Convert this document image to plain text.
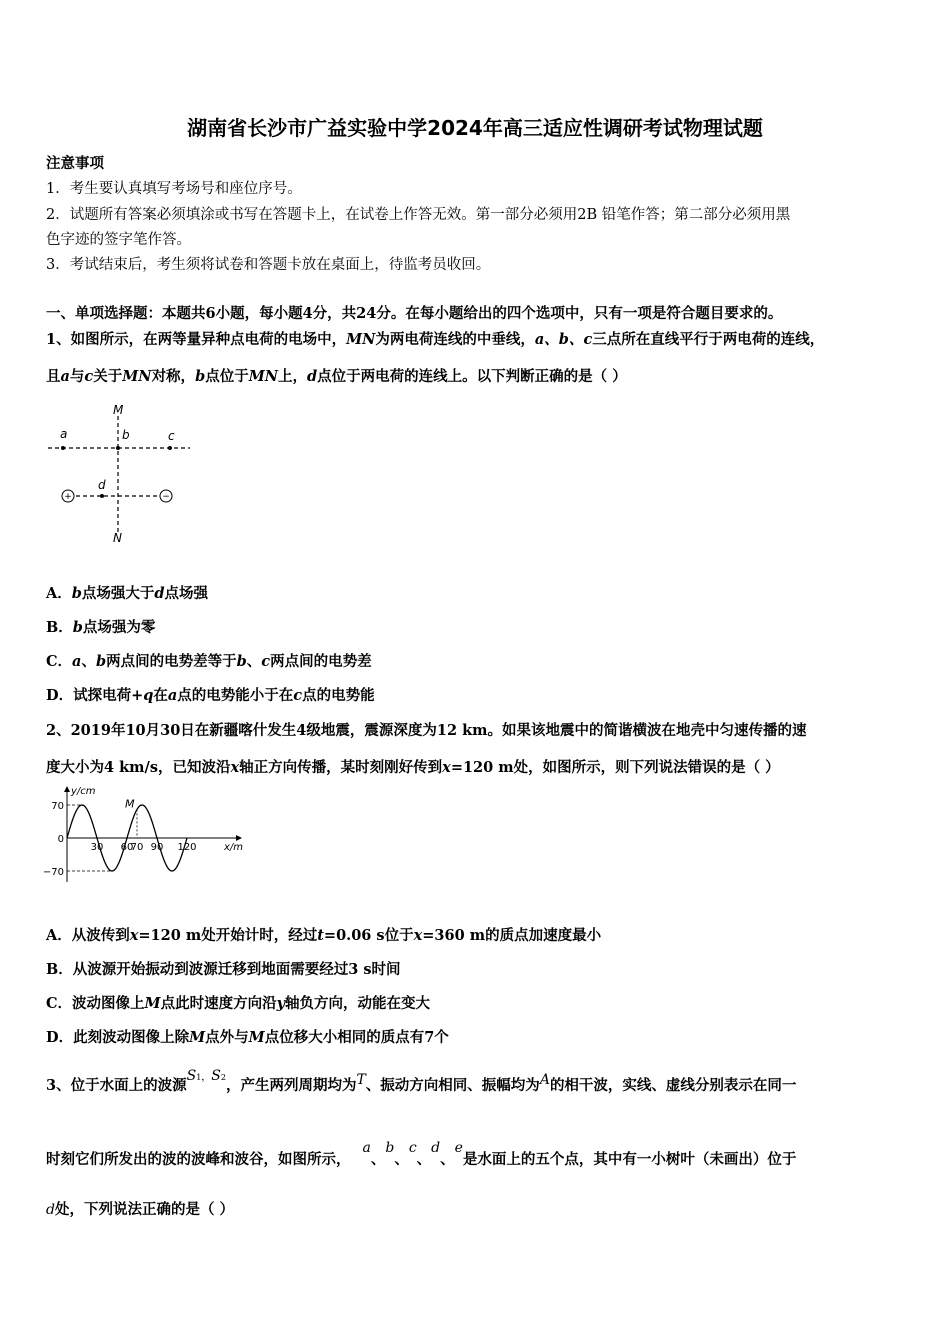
湖南省长沙市广益实验中学2024年高三适应性调研考试物理试题
注意事项
1．考生要认真填写考场号和座位序号。
2．试题所有答案必须填涂或书写在答题卡上，在试卷上作答无效。第一部分必须用2B 铅笔作答；第二部分必须用黑
色字迹的签字笔作答。
3．考试结束后，考生须将试卷和答题卡放在桌面上，待监考员收回。
一、单项选择题：本题共6小题，每小题4分，共24分。在每小题给出的四个选项中，只有一项是符合题目要求的。
1、如图所示，在两等量异种点电荷的电场中，MN为两电荷连线的中垂线，a、b、c三点所在直线平行于两电荷的连线，
且a与c关于MN对称，b点位于MN上，d点位于两电荷的连线上。以下判断正确的是（ ）
+	−
M
N
a	b	c
d
A．b点场强大于d点场强
B．b点场强为零
C．a、b两点间的电势差等于b、c两点间的电势差
D．试探电荷+q在a点的电势能小于在c点的电势能
2、2019年10月30日在新疆喀什发生4级地震，震源深度为12 km。如果该地震中的简谐横波在地壳中匀速传播的速
度大小为4 km/s，已知波沿x轴正方向传播，某时刻刚好传到x=120 m处，如图所示，则下列说法错误的是（ ）
M
70
0
−70
30 60
70 90 120
y/cm
x/m
A．从波传到x=120 m处开始计时，经过t=0.06 s位于x=360 m的质点加速度最小
B．从波源开始振动到波源迁移到地面需要经过3 s时间
C．波动图像上M点此时速度方向沿y轴负方向，动能在变大
D．此刻波动图像上除M点外与M点位移大小相同的质点有7个
3、位于水面上的波源S1，S2，产生两列周期均为T、振动方向相同、振幅均为A的相干波，实线、虚线分别表示在同一
时刻它们所发出的波的波峰和波谷，如图所示，a、b、c、d、e是水面上的五个点，其中有一小树叶（未画出）位于
d处，下列说法正确的是（ ）
